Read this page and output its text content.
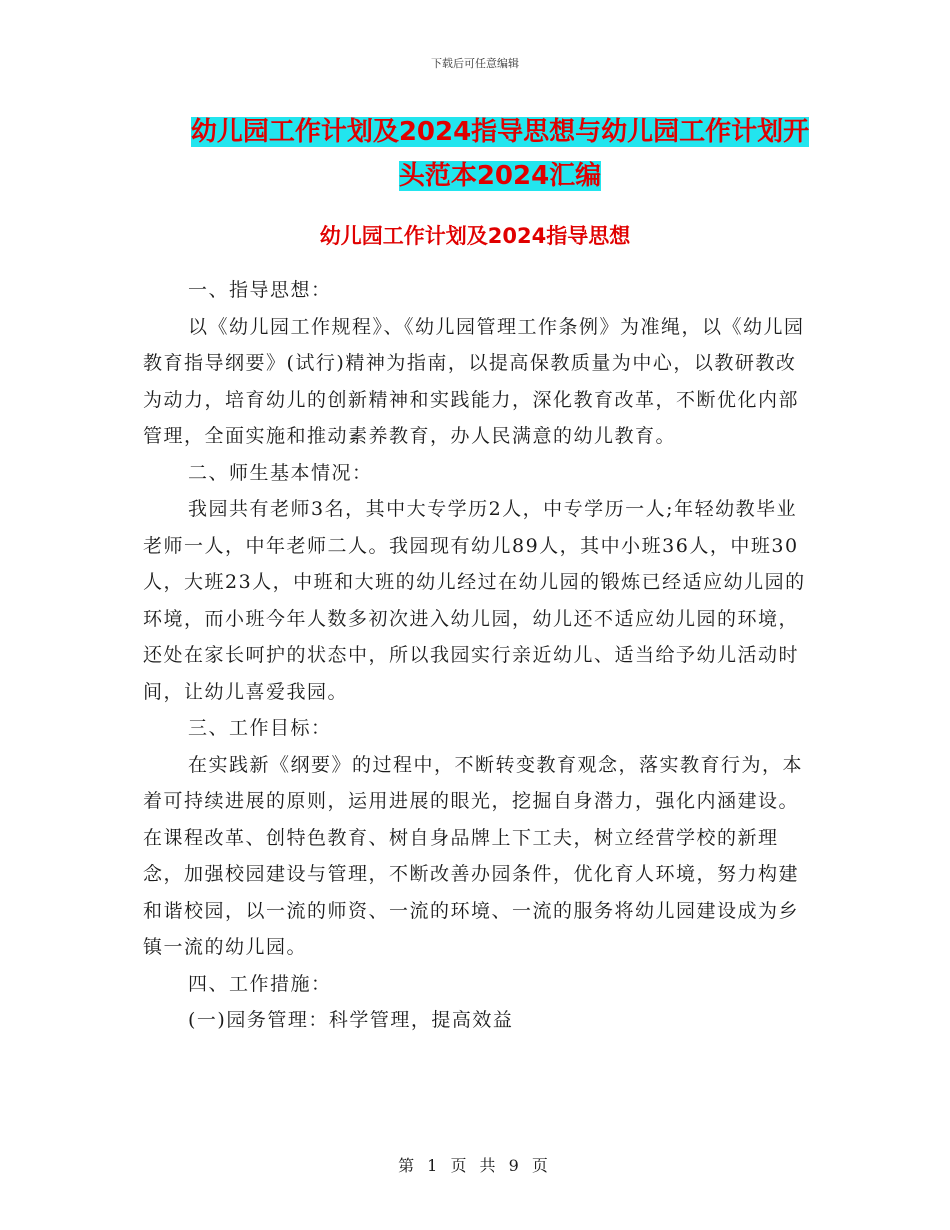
下载后可任意编辑
幼儿园工作计划及2024指导思想与幼儿园工作计划开
头范本2024汇编
幼儿园工作计划及2024指导思想

一、指导思想：

以《幼儿园工作规程》、《幼儿园管理工作条例》为准绳，以《幼儿园教育指导纲要》(试行)精神为指南，以提高保教质量为中心，以教研教改为动力，培育幼儿的创新精神和实践能力，深化教育改革，不断优化内部管理，全面实施和推动素养教育，办人民满意的幼儿教育。

二、师生基本情况：

我园共有老师3名，其中大专学历2人，中专学历一人;年轻幼教毕业老师一人，中年老师二人。我园现有幼儿89人，其中小班36人，中班30人，大班23人，中班和大班的幼儿经过在幼儿园的锻炼已经适应幼儿园的环境，而小班今年人数多初次进入幼儿园，幼儿还不适应幼儿园的环境，还处在家长呵护的状态中，所以我园实行亲近幼儿、适当给予幼儿活动时间，让幼儿喜爱我园。

三、工作目标：

在实践新《纲要》的过程中，不断转变教育观念，落实教育行为，本着可持续进展的原则，运用进展的眼光，挖掘自身潜力，强化内涵建设。在课程改革、创特色教育、树自身品牌上下工夫，树立经营学校的新理念，加强校园建设与管理，不断改善办园条件，优化育人环境，努力构建和谐校园，以一流的师资、一流的环境、一流的服务将幼儿园建设成为乡镇一流的幼儿园。

四、工作措施：

(一)园务管理：科学管理，提高效益

第 1 页 共 9 页
